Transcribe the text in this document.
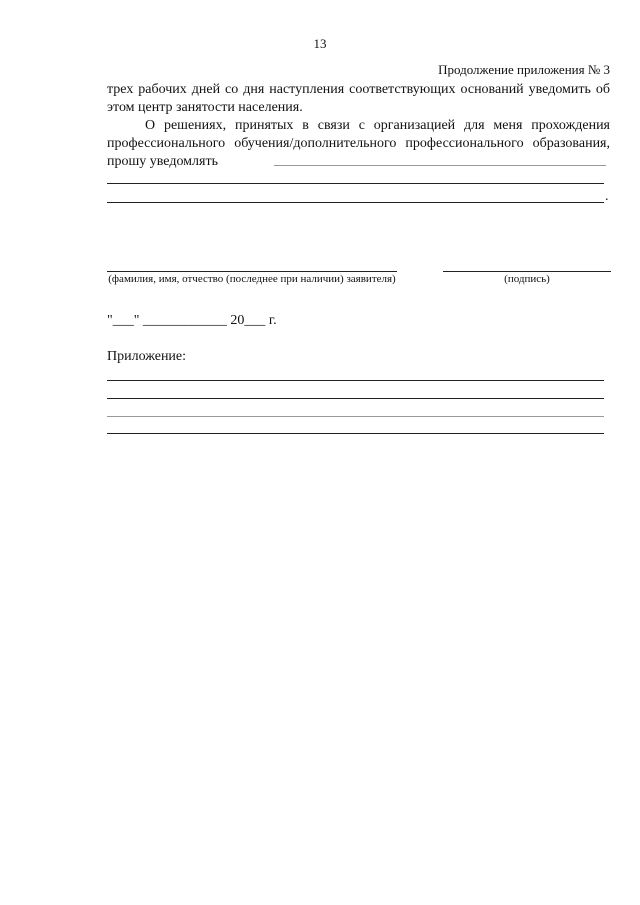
13
Продолжение приложения № 3
трех рабочих дней со дня наступления соответствующих оснований уведомить об этом центр занятости населения.
О решениях, принятых в связи с организацией для меня прохождения профессионального обучения/дополнительного профессионального образования, прошу уведомлять
.
(фамилия, имя, отчество (последнее при наличии) заявителя)	(подпись)
"___" ____________ 20___ г.
Приложение:
